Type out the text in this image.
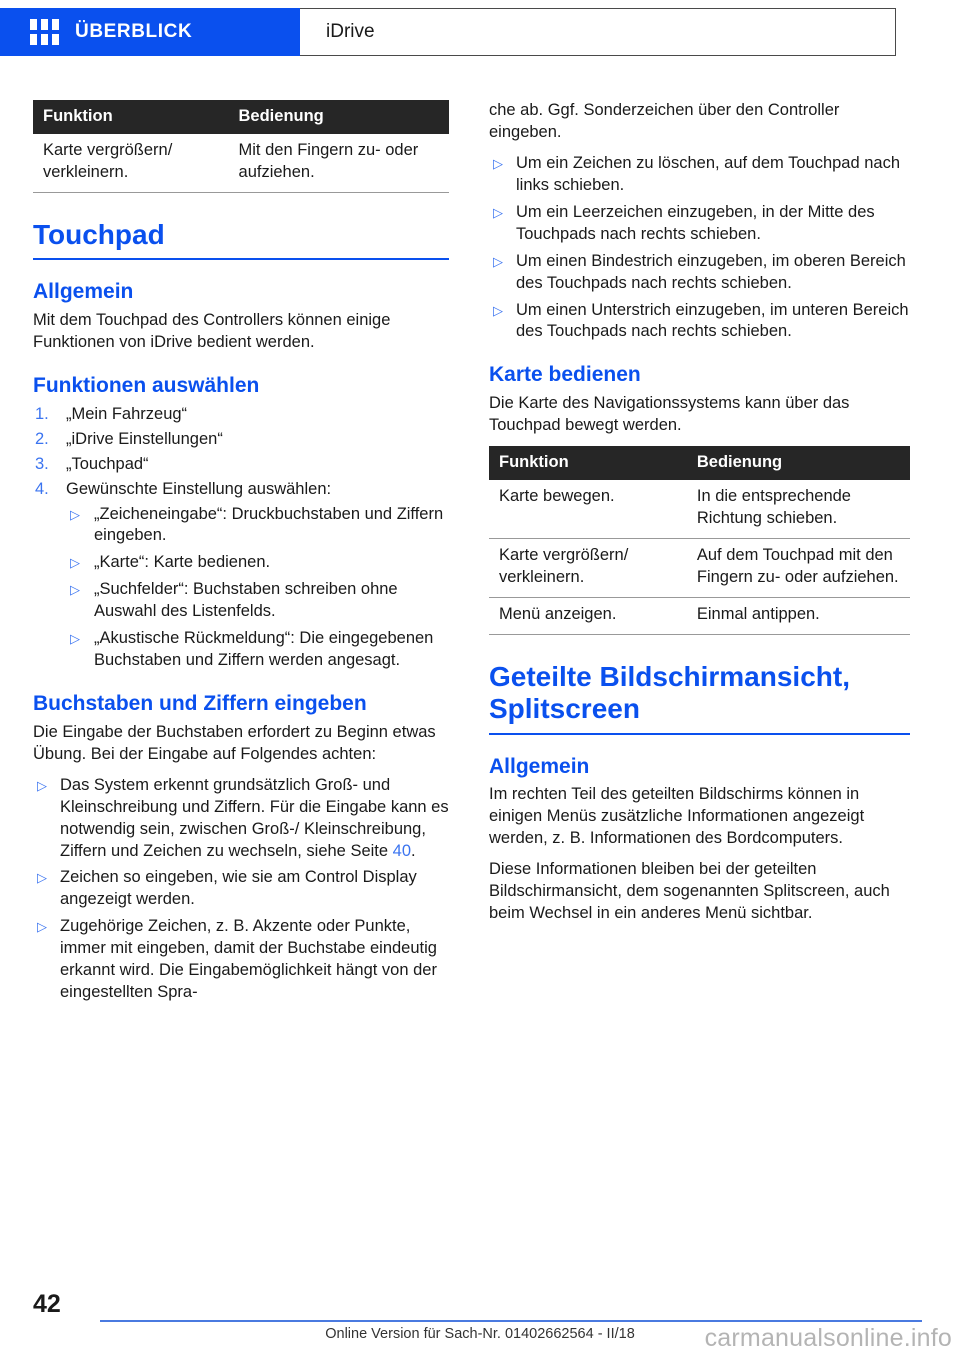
ÜBERBLICK	iDrive
Funktion	Bedienung
Karte vergrößern/ verkleinern.	Mit den Fingern zu- oder aufziehen.
Touchpad
Allgemein

Mit dem Touchpad des Controllers können einige Funktionen von iDrive bedient werden.

Funktionen auswählen
1. „Mein Fahrzeug“
2. „iDrive Einstellungen“
3. „Touchpad“
4. Gewünschte Einstellung auswählen:
▷ „Zeicheneingabe“: Druckbuchstaben und Ziffern eingeben.
▷ „Karte“: Karte bedienen.
▷ „Suchfelder“: Buchstaben schreiben ohne Auswahl des Listenfelds.
▷ „Akustische Rückmeldung“: Die eingegebenen Buchstaben und Ziffern werden angesagt.
Buchstaben und Ziffern eingeben

Die Eingabe der Buchstaben erfordert zu Beginn etwas Übung. Bei der Eingabe auf Folgendes achten:

▷ Das System erkennt grundsätzlich Groß- und Kleinschreibung und Ziffern. Für die Eingabe kann es notwendig sein, zwischen Groß-/ Kleinschreibung, Ziffern und Zeichen zu wechseln, siehe Seite 40.
▷ Zeichen so eingeben, wie sie am Control Display angezeigt werden.
▷ Zugehörige Zeichen, z. B. Akzente oder Punkte, immer mit eingeben, damit der Buchstabe eindeutig erkannt wird. Die Eingabemöglichkeit hängt von der eingestellten Spra-

che ab. Ggf. Sonderzeichen über den Controller eingeben.

▷ Um ein Zeichen zu löschen, auf dem Touchpad nach links schieben.
▷ Um ein Leerzeichen einzugeben, in der Mitte des Touchpads nach rechts schieben.
▷ Um einen Bindestrich einzugeben, im oberen Bereich des Touchpads nach rechts schieben.
▷ Um einen Unterstrich einzugeben, im unteren Bereich des Touchpads nach rechts schieben.
Karte bedienen

Die Karte des Navigationssystems kann über das Touchpad bewegt werden.

Funktion	Bedienung
Karte bewegen.	In die entsprechende Richtung schieben.
Karte vergrößern/ verkleinern.	Auf dem Touchpad mit den Fingern zu- oder aufziehen.
Menü anzeigen.	Einmal antippen.
Geteilte Bildschirmansicht, Splitscreen
Allgemein

Im rechten Teil des geteilten Bildschirms können in einigen Menüs zusätzliche Informationen angezeigt werden, z. B. Informationen des Bordcomputers.

Diese Informationen bleiben bei der geteilten Bildschirmansicht, dem sogenannten Splitscreen, auch beim Wechsel in ein anderes Menü sichtbar.

42
Online Version für Sach-Nr. 01402662564 - II/18	carmanualsonline.info
